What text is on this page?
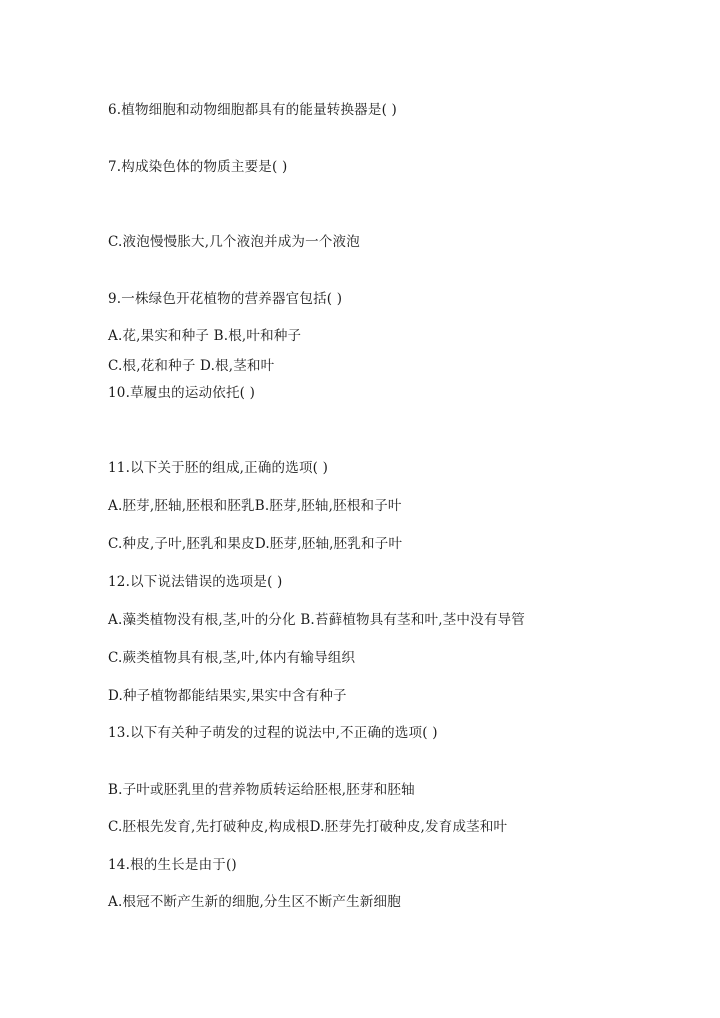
6.植物细胞和动物细胞都具有的能量转换器是( )
7.构成染色体的物质主要是( )
C.液泡慢慢胀大,几个液泡并成为一个液泡
9.一株绿色开花植物的营养器官包括( )
A.花,果实和种子 B.根,叶和种子
C.根,花和种子 D.根,茎和叶
10.草履虫的运动依托( )
11.以下关于胚的组成,正确的选项( )
A.胚芽,胚轴,胚根和胚乳B.胚芽,胚轴,胚根和子叶
C.种皮,子叶,胚乳和果皮D.胚芽,胚轴,胚乳和子叶
12.以下说法错误的选项是( )
A.藻类植物没有根,茎,叶的分化 B.苔藓植物具有茎和叶,茎中没有导管
C.蕨类植物具有根,茎,叶,体内有输导组织
D.种子植物都能结果实,果实中含有种子
13.以下有关种子萌发的过程的说法中,不正确的选项( )
B.子叶或胚乳里的营养物质转运给胚根,胚芽和胚轴
C.胚根先发育,先打破种皮,构成根D.胚芽先打破种皮,发育成茎和叶
14.根的生长是由于()
A.根冠不断产生新的细胞,分生区不断产生新细胞
